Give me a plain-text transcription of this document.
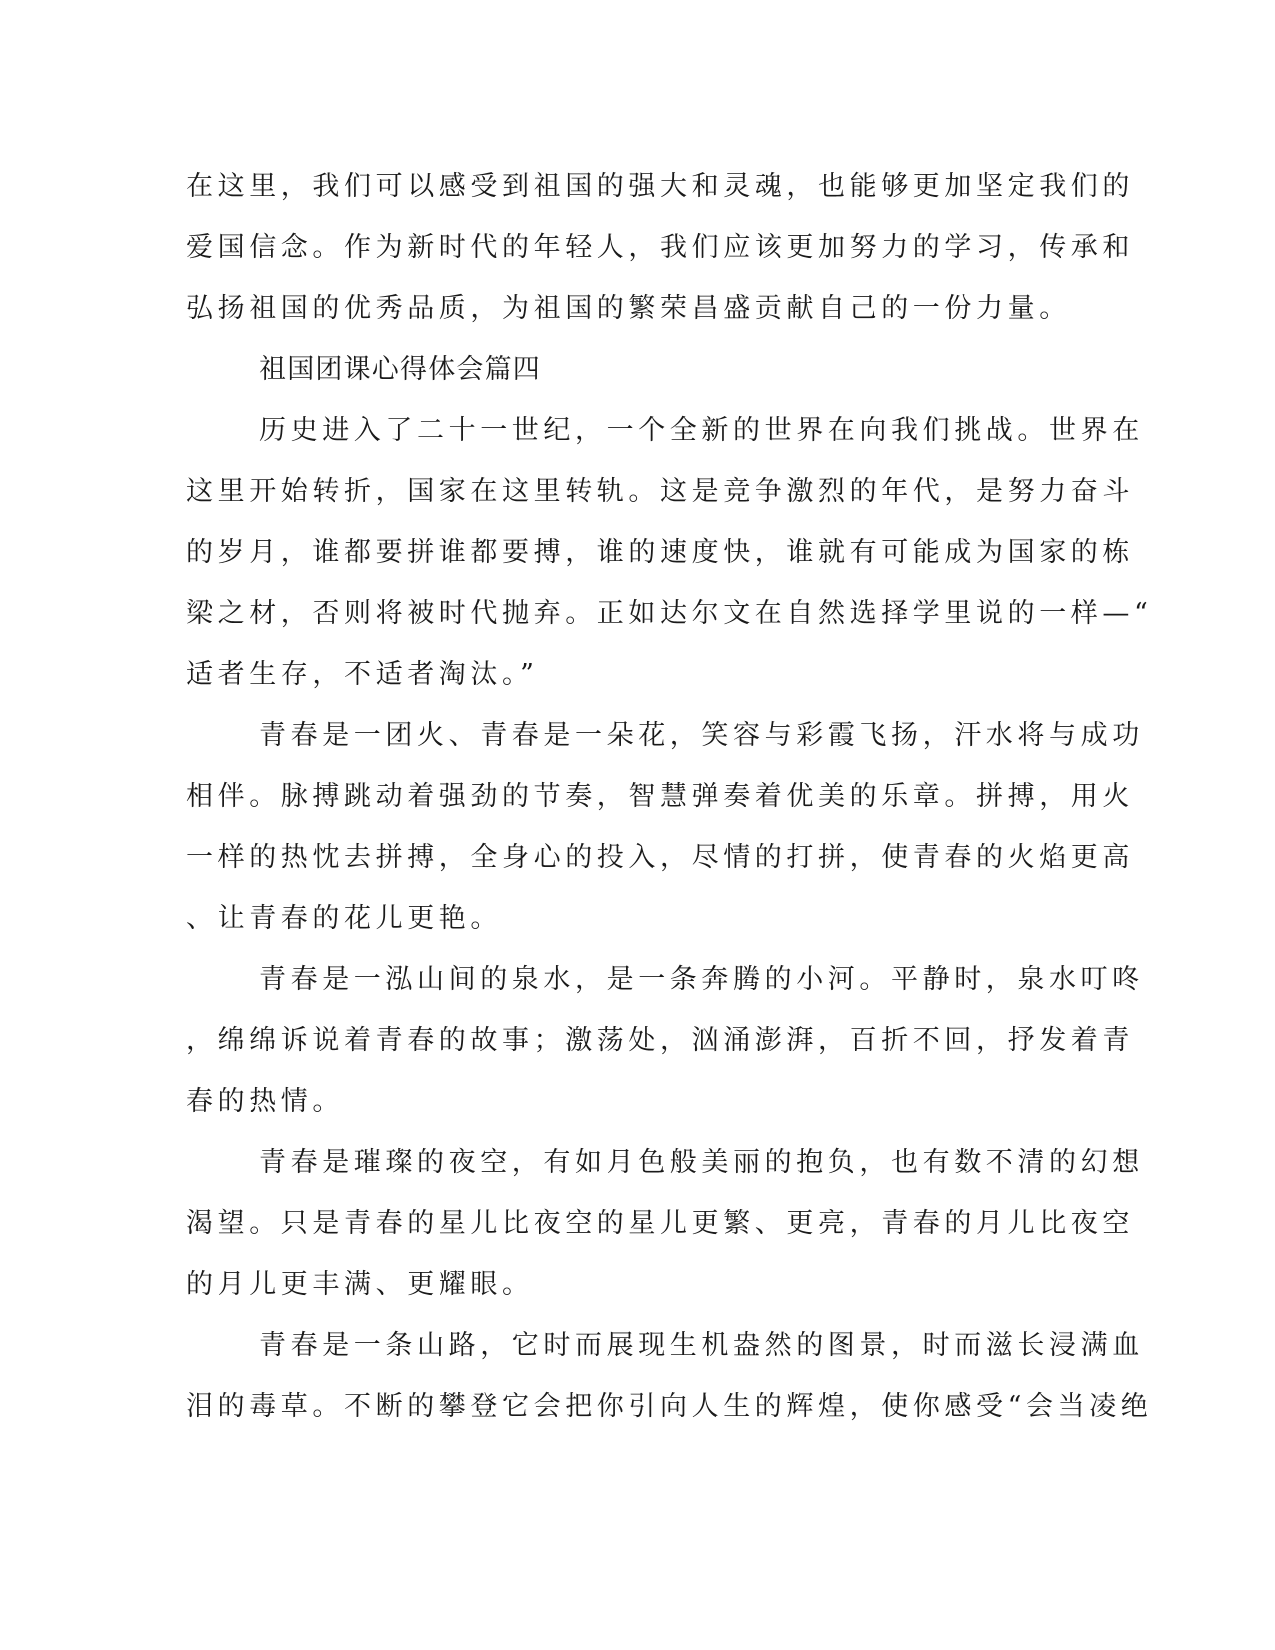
在这里，我们可以感受到祖国的强大和灵魂，也能够更加坚定我们的
爱国信念。作为新时代的年轻人，我们应该更加努力的学习，传承和
弘扬祖国的优秀品质，为祖国的繁荣昌盛贡献自己的一份力量。
祖国团课心得体会篇四
历史进入了二十一世纪，一个全新的世界在向我们挑战。世界在
这里开始转折，国家在这里转轨。这是竞争激烈的年代，是努力奋斗
的岁月，谁都要拼谁都要搏，谁的速度快，谁就有可能成为国家的栋
梁之材，否则将被时代抛弃。正如达尔文在自然选择学里说的一样—“
适者生存，不适者淘汰。”
青春是一团火、青春是一朵花，笑容与彩霞飞扬，汗水将与成功
相伴。脉搏跳动着强劲的节奏，智慧弹奏着优美的乐章。拼搏，用火
一样的热忱去拼搏，全身心的投入，尽情的打拼，使青春的火焰更高
、让青春的花儿更艳。
青春是一泓山间的泉水，是一条奔腾的小河。平静时，泉水叮咚
，绵绵诉说着青春的故事；激荡处，汹涌澎湃，百折不回，抒发着青
春的热情。
青春是璀璨的夜空，有如月色般美丽的抱负，也有数不清的幻想
渴望。只是青春的星儿比夜空的星儿更繁、更亮，青春的月儿比夜空
的月儿更丰满、更耀眼。
青春是一条山路，它时而展现生机盎然的图景，时而滋长浸满血
泪的毒草。不断的攀登它会把你引向人生的辉煌，使你感受“会当凌绝
